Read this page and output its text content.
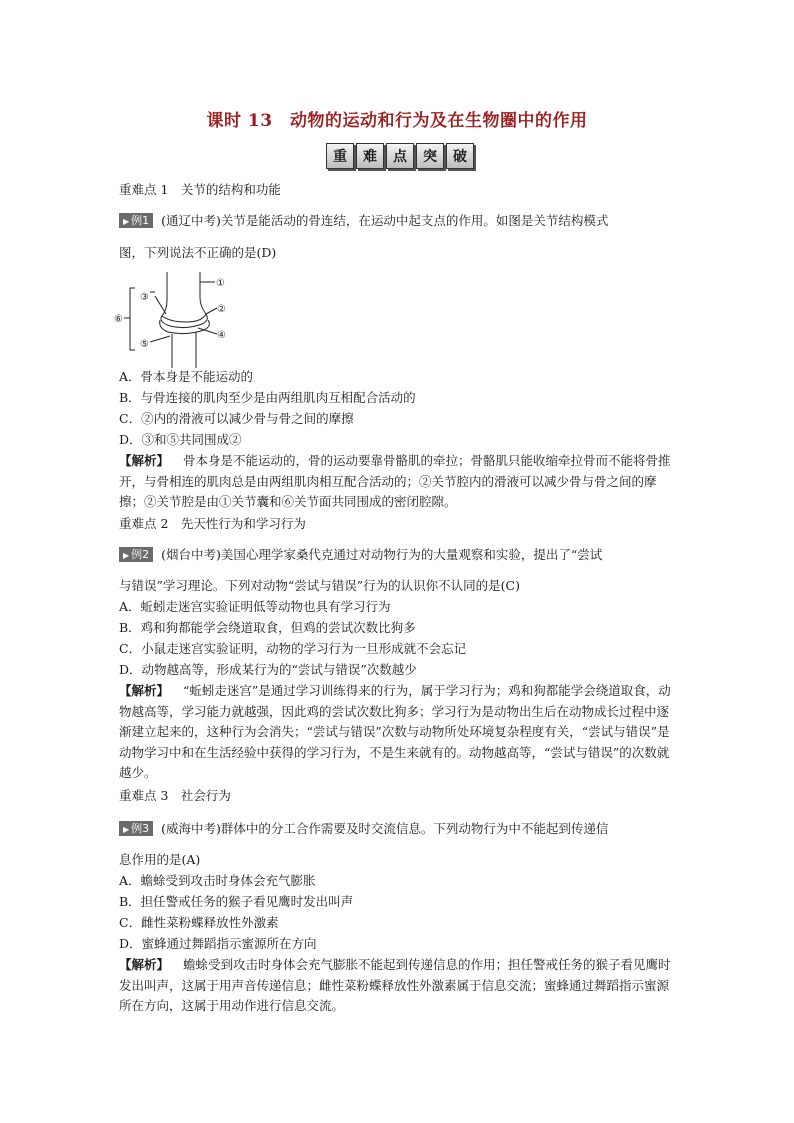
课时 13　动物的运动和行为及在生物圈中的作用
重	难	点	突	破
重难点 1　关节的结构和功能
▶ 例1 (通辽中考)关节是能活动的骨连结，在运动中起支点的作用。如图是关节结构模式
图，下列说法不正确的是(D)
①
②
③
④
⑤
⑥
A．骨本身是不能运动的
B．与骨连接的肌肉至少是由两组肌肉互相配合活动的
C．②内的滑液可以减少骨与骨之间的摩擦
D．③和⑤共同围成②
【解析】 骨本身是不能运动的，骨的运动要靠骨骼肌的牵拉；骨骼肌只能收缩牵拉骨而不能将骨推开，与骨相连的肌肉总是由两组肌肉相互配合活动的；②关节腔内的滑液可以减少骨与骨之间的摩擦；②关节腔是由①关节囊和⑥关节面共同围成的密闭腔隙。
重难点 2　先天性行为和学习行为
▶ 例2 (烟台中考)美国心理学家桑代克通过对动物行为的大量观察和实验，提出了“尝试
与错误”学习理论。下列对动物“尝试与错误”行为的认识你不认同的是(C)
A．蚯蚓走迷宫实验证明低等动物也具有学习行为
B．鸡和狗都能学会绕道取食，但鸡的尝试次数比狗多
C．小鼠走迷宫实验证明，动物的学习行为一旦形成就不会忘记
D．动物越高等，形成某行为的“尝试与错误”次数越少
【解析】 “蚯蚓走迷宫”是通过学习训练得来的行为，属于学习行为；鸡和狗都能学会绕道取食，动物越高等，学习能力就越强，因此鸡的尝试次数比狗多；学习行为是动物出生后在动物成长过程中逐渐建立起来的，这种行为会消失；“尝试与错误”次数与动物所处环境复杂程度有关，“尝试与错误”是动物学习中和在生活经验中获得的学习行为，不是生来就有的。动物越高等，“尝试与错误”的次数就越少。
重难点 3　社会行为
▶ 例3 (威海中考)群体中的分工合作需要及时交流信息。下列动物行为中不能起到传递信
息作用的是(A)
A．蟾蜍受到攻击时身体会充气膨胀
B．担任警戒任务的猴子看见鹰时发出叫声
C．雌性菜粉蝶释放性外激素
D．蜜蜂通过舞蹈指示蜜源所在方向
【解析】 蟾蜍受到攻击时身体会充气膨胀不能起到传递信息的作用；担任警戒任务的猴子看见鹰时发出叫声，这属于用声音传递信息；雌性菜粉蝶释放性外激素属于信息交流；蜜蜂通过舞蹈指示蜜源所在方向，这属于用动作进行信息交流。
